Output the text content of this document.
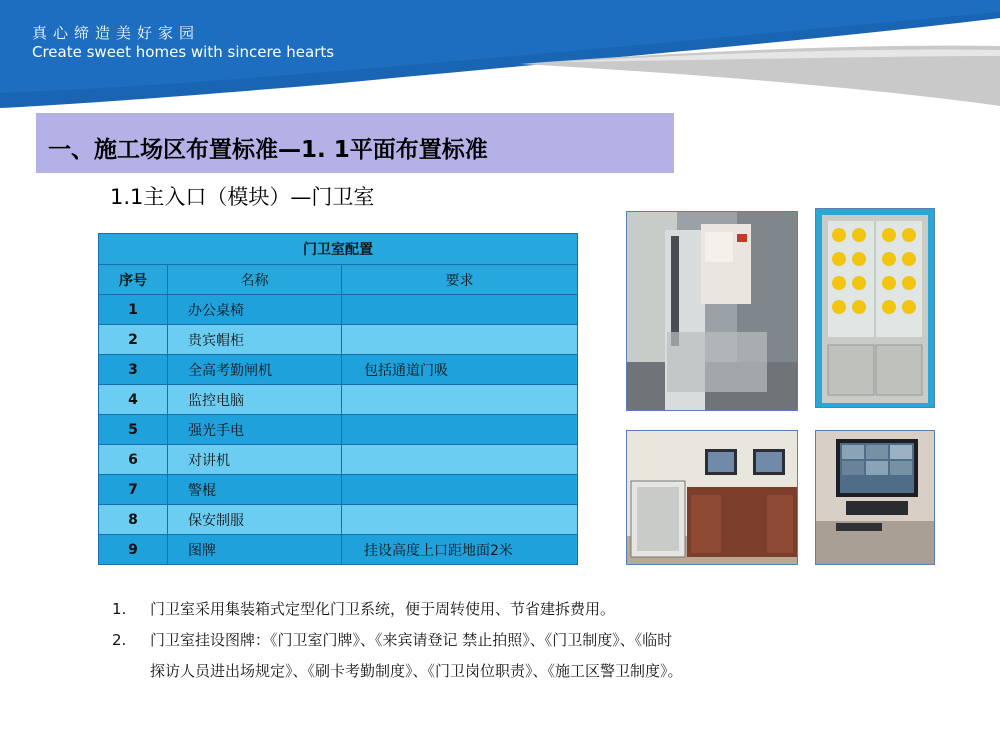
真心缔造美好家园
Create sweet homes with sincere hearts
一、施工场区布置标准—1. 1平面布置标准
1.1主入口（模块）—门卫室
门卫室配置		
序号	名称	要求
1	办公桌椅	
2	贵宾帽柜	
3	全高考勤闸机	包括通道门吸
4	监控电脑	
5	强光手电	
6	对讲机	
7	警棍	
8	保安制服	
9	图牌	挂设高度上口距地面2米
1. 门卫室采用集装箱式定型化门卫系统，便于周转使用、节省建拆费用。
2. 门卫室挂设图牌：《门卫室门牌》、《来宾请登记 禁止拍照》、《门卫制度》、《临时
探访人员进出场规定》、《刷卡考勤制度》、《门卫岗位职责》、《施工区警卫制度》。
